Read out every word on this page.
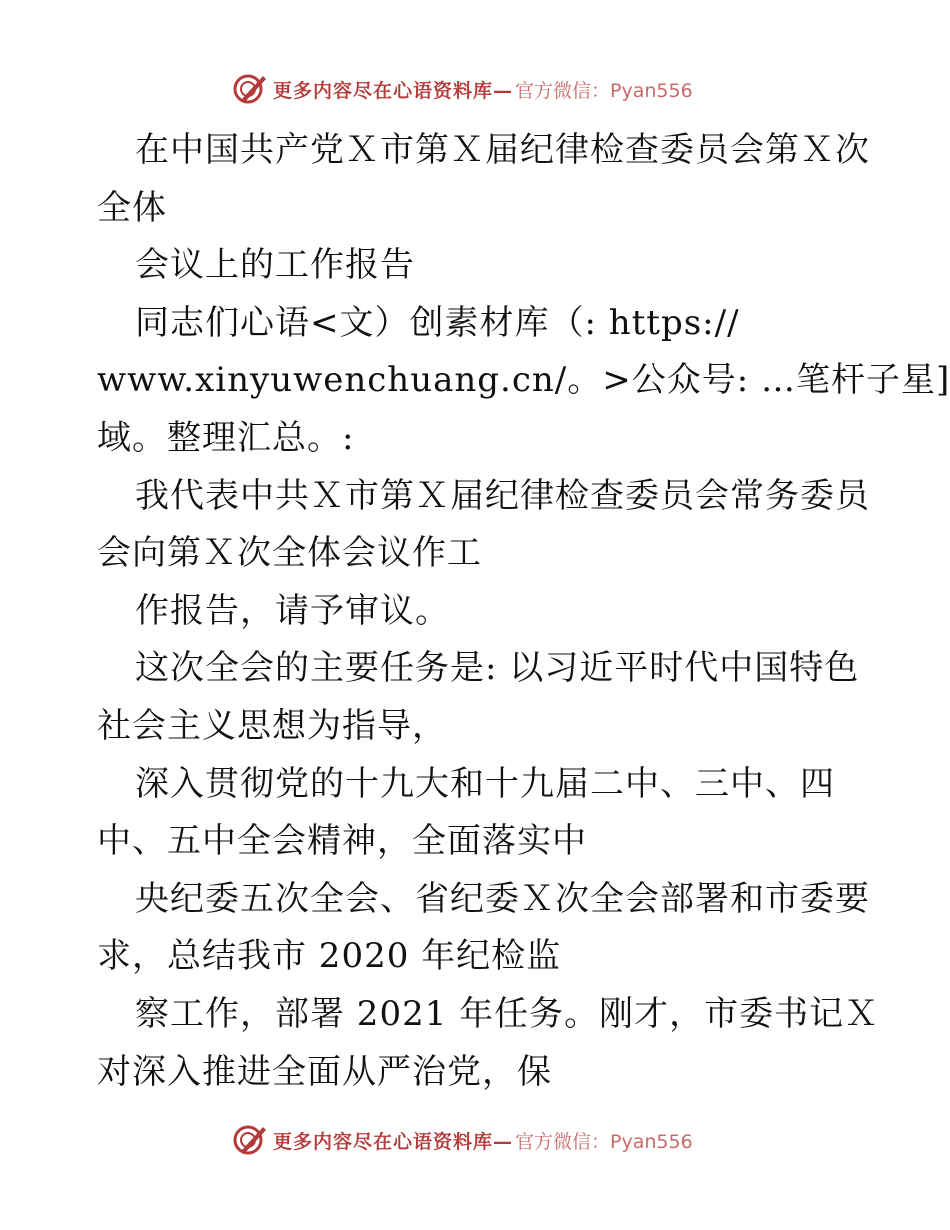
更多内容尽在心语资料库— 官方微信：Pyan556
在中国共产党Ｘ市第Ｘ届纪律检查委员会第Ｘ次
全体
会议上的工作报告
同志们心语<文）创素材库（: https://
www.xinyuwenchuang.cn/。>公众号: …笔杆子星]
域。整理汇总。:
我代表中共Ｘ市第Ｘ届纪律检查委员会常务委员
会向第Ｘ次全体会议作工
作报告，请予审议。
这次全会的主要任务是: 以习近平时代中国特色
社会主义思想为指导，
深入贯彻党的十九大和十九届二中、三中、四
中、五中全会精神，全面落实中
央纪委五次全会、省纪委Ｘ次全会部署和市委要
求，总结我市 2020 年纪检监
察工作，部署 2021 年任务。刚才，市委书记Ｘ
对深入推进全面从严治党，保
更多内容尽在心语资料库— 官方微信：Pyan556
